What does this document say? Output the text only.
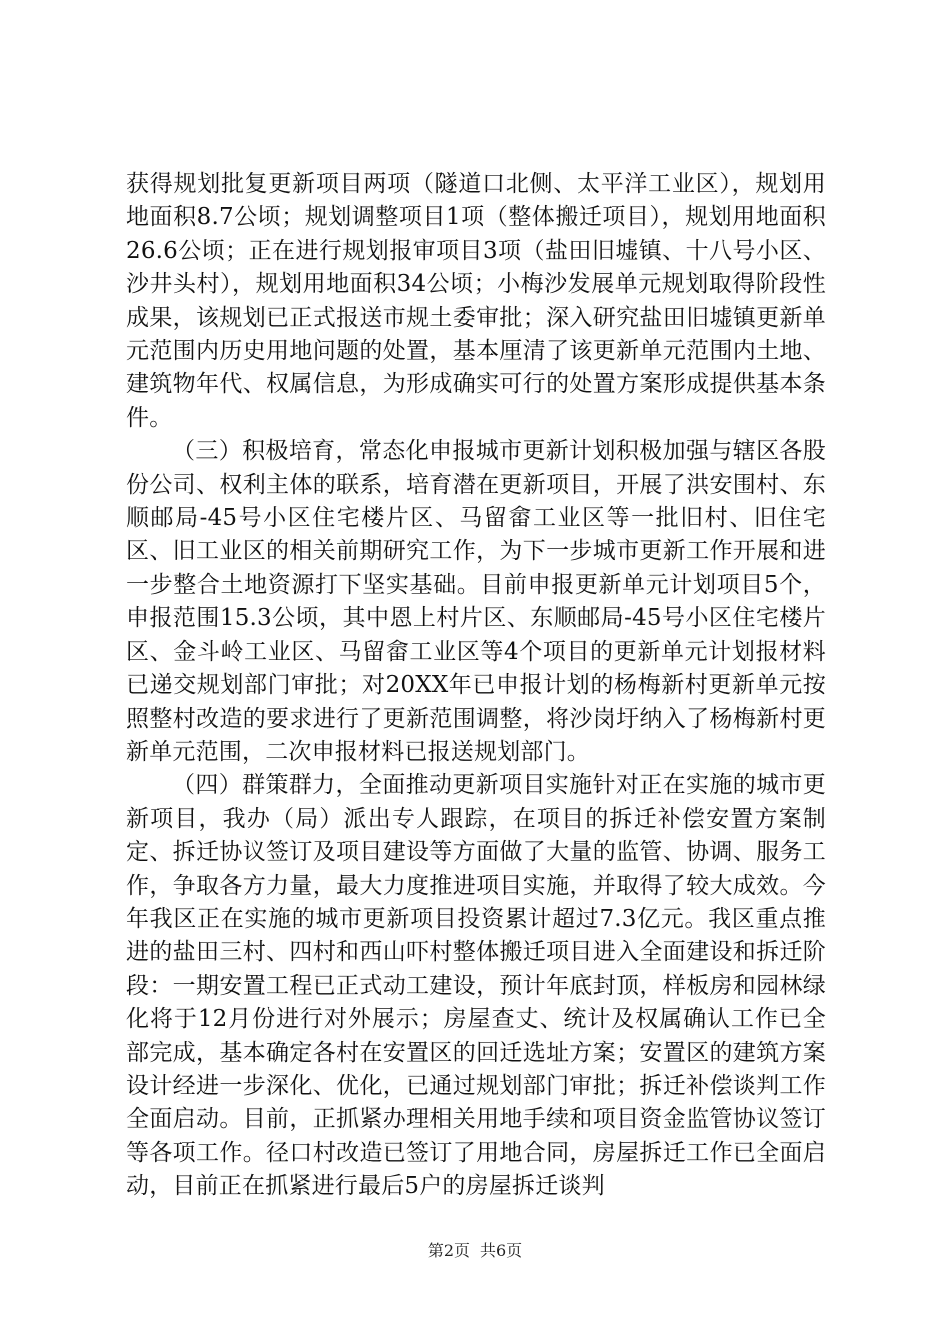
获得规划批复更新项目两项（隧道口北侧、太平洋工业区），规划用地面积8.7公顷；规划调整项目1项（整体搬迁项目），规划用地面积26.6公顷；正在进行规划报审项目3项（盐田旧墟镇、十八号小区、沙井头村），规划用地面积34公顷；小梅沙发展单元规划取得阶段性成果，该规划已正式报送市规土委审批；深入研究盐田旧墟镇更新单元范围内历史用地问题的处置，基本厘清了该更新单元范围内土地、建筑物年代、权属信息，为形成确实可行的处置方案形成提供基本条件。

（三）积极培育，常态化申报城市更新计划积极加强与辖区各股份公司、权利主体的联系，培育潜在更新项目，开展了洪安围村、东顺邮局-45号小区住宅楼片区、马留畲工业区等一批旧村、旧住宅区、旧工业区的相关前期研究工作，为下一步城市更新工作开展和进一步整合土地资源打下坚实基础。目前申报更新单元计划项目5个，申报范围15.3公顷，其中恩上村片区、东顺邮局-45号小区住宅楼片区、金斗岭工业区、马留畲工业区等4个项目的更新单元计划报材料已递交规划部门审批；对20XX年已申报计划的杨梅新村更新单元按照整村改造的要求进行了更新范围调整，将沙岗圩纳入了杨梅新村更新单元范围，二次申报材料已报送规划部门。

（四）群策群力，全面推动更新项目实施针对正在实施的城市更新项目，我办（局）派出专人跟踪，在项目的拆迁补偿安置方案制定、拆迁协议签订及项目建设等方面做了大量的监管、协调、服务工作，争取各方力量，最大力度推进项目实施，并取得了较大成效。今年我区正在实施的城市更新项目投资累计超过7.3亿元。我区重点推进的盐田三村、四村和西山吓村整体搬迁项目进入全面建设和拆迁阶段：一期安置工程已正式动工建设，预计年底封顶，样板房和园林绿化将于12月份进行对外展示；房屋查丈、统计及权属确认工作已全部完成，基本确定各村在安置区的回迁选址方案；安置区的建筑方案设计经进一步深化、优化，已通过规划部门审批；拆迁补偿谈判工作全面启动。目前，正抓紧办理相关用地手续和项目资金监管协议签订等各项工作。径口村改造已签订了用地合同，房屋拆迁工作已全面启动，目前正在抓紧进行最后5户的房屋拆迁谈判

第2页 共6页
